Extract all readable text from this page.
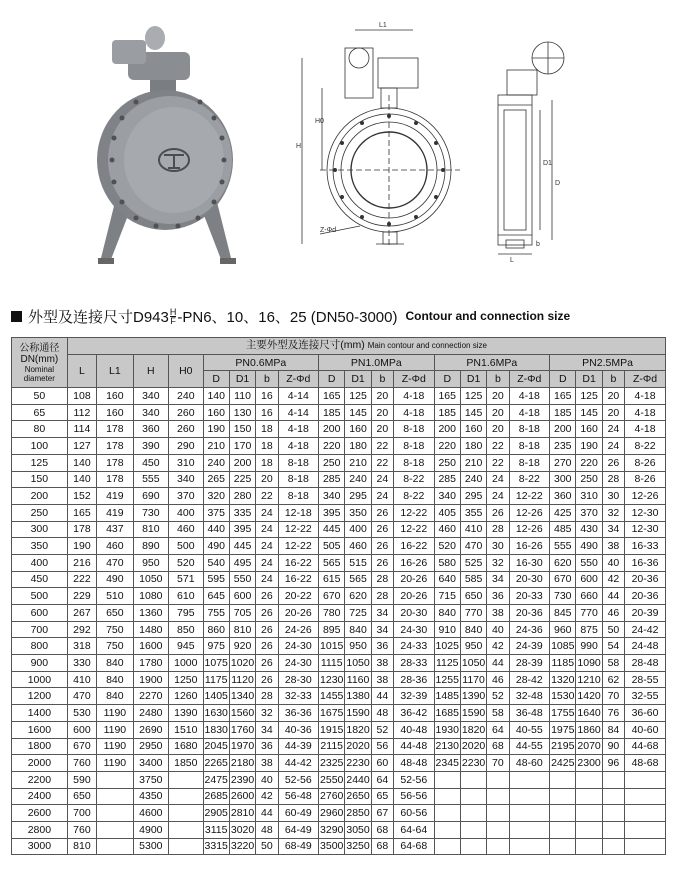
L1
H
H0
Z-Φd
D1
D
L
b
外型及连接尺寸D943 H
F -PN6、10、16、25 (DN50-3000) Contour and connection size
公称通径
DN(mm)
Nominal
diameter	主要外型及连接尺寸(mm) Main contour and connection size																			
	L	L1	H	H0	PN0.6MPa				PN1.0MPa				PN1.6MPa				PN2.5MPa			
					D	D1	b	Z-Φd	D	D1	b	Z-Φd	D	D1	b	Z-Φd	D	D1	b	Z-Φd
50	108	160	340	240	140	110	16	4-14	165	125	20	4-18	165	125	20	4-18	165	125	20	4-18
65	112	160	340	260	160	130	16	4-14	185	145	20	4-18	185	145	20	4-18	185	145	20	4-18
80	114	178	360	260	190	150	18	4-18	200	160	20	8-18	200	160	20	8-18	200	160	24	4-18
100	127	178	390	290	210	170	18	4-18	220	180	22	8-18	220	180	22	8-18	235	190	24	8-22
125	140	178	450	310	240	200	18	8-18	250	210	22	8-18	250	210	22	8-18	270	220	26	8-26
150	140	178	555	340	265	225	20	8-18	285	240	24	8-22	285	240	24	8-22	300	250	28	8-26
200	152	419	690	370	320	280	22	8-18	340	295	24	8-22	340	295	24	12-22	360	310	30	12-26
250	165	419	730	400	375	335	24	12-18	395	350	26	12-22	405	355	26	12-26	425	370	32	12-30
300	178	437	810	460	440	395	24	12-22	445	400	26	12-22	460	410	28	12-26	485	430	34	12-30
350	190	460	890	500	490	445	24	12-22	505	460	26	16-22	520	470	30	16-26	555	490	38	16-33
400	216	470	950	520	540	495	24	16-22	565	515	26	16-26	580	525	32	16-30	620	550	40	16-36
450	222	490	1050	571	595	550	24	16-22	615	565	28	20-26	640	585	34	20-30	670	600	42	20-36
500	229	510	1080	610	645	600	26	20-22	670	620	28	20-26	715	650	36	20-33	730	660	44	20-36
600	267	650	1360	795	755	705	26	20-26	780	725	34	20-30	840	770	38	20-36	845	770	46	20-39
700	292	750	1480	850	860	810	26	24-26	895	840	34	24-30	910	840	40	24-36	960	875	50	24-42
800	318	750	1600	945	975	920	26	24-30	1015	950	36	24-33	1025	950	42	24-39	1085	990	54	24-48
900	330	840	1780	1000	1075	1020	26	24-30	1115	1050	38	28-33	1125	1050	44	28-39	1185	1090	58	28-48
1000	410	840	1900	1250	1175	1120	26	28-30	1230	1160	38	28-36	1255	1170	46	28-42	1320	1210	62	28-55
1200	470	840	2270	1260	1405	1340	28	32-33	1455	1380	44	32-39	1485	1390	52	32-48	1530	1420	70	32-55
1400	530	1190	2480	1390	1630	1560	32	36-36	1675	1590	48	36-42	1685	1590	58	36-48	1755	1640	76	36-60
1600	600	1190	2690	1510	1830	1760	34	40-36	1915	1820	52	40-48	1930	1820	64	40-55	1975	1860	84	40-60
1800	670	1190	2950	1680	2045	1970	36	44-39	2115	2020	56	44-48	2130	2020	68	44-55	2195	2070	90	44-68
2000	760	1190	3400	1850	2265	2180	38	44-42	2325	2230	60	48-48	2345	2230	70	48-60	2425	2300	96	48-68
2200	590		3750		2475	2390	40	52-56	2550	2440	64	52-56								
2400	650		4350		2685	2600	42	56-48	2760	2650	65	56-56								
2600	700		4600		2905	2810	44	60-49	2960	2850	67	60-56								
2800	760		4900		3115	3020	48	64-49	3290	3050	68	64-64								
3000	810		5300		3315	3220	50	68-49	3500	3250	68	64-68								
